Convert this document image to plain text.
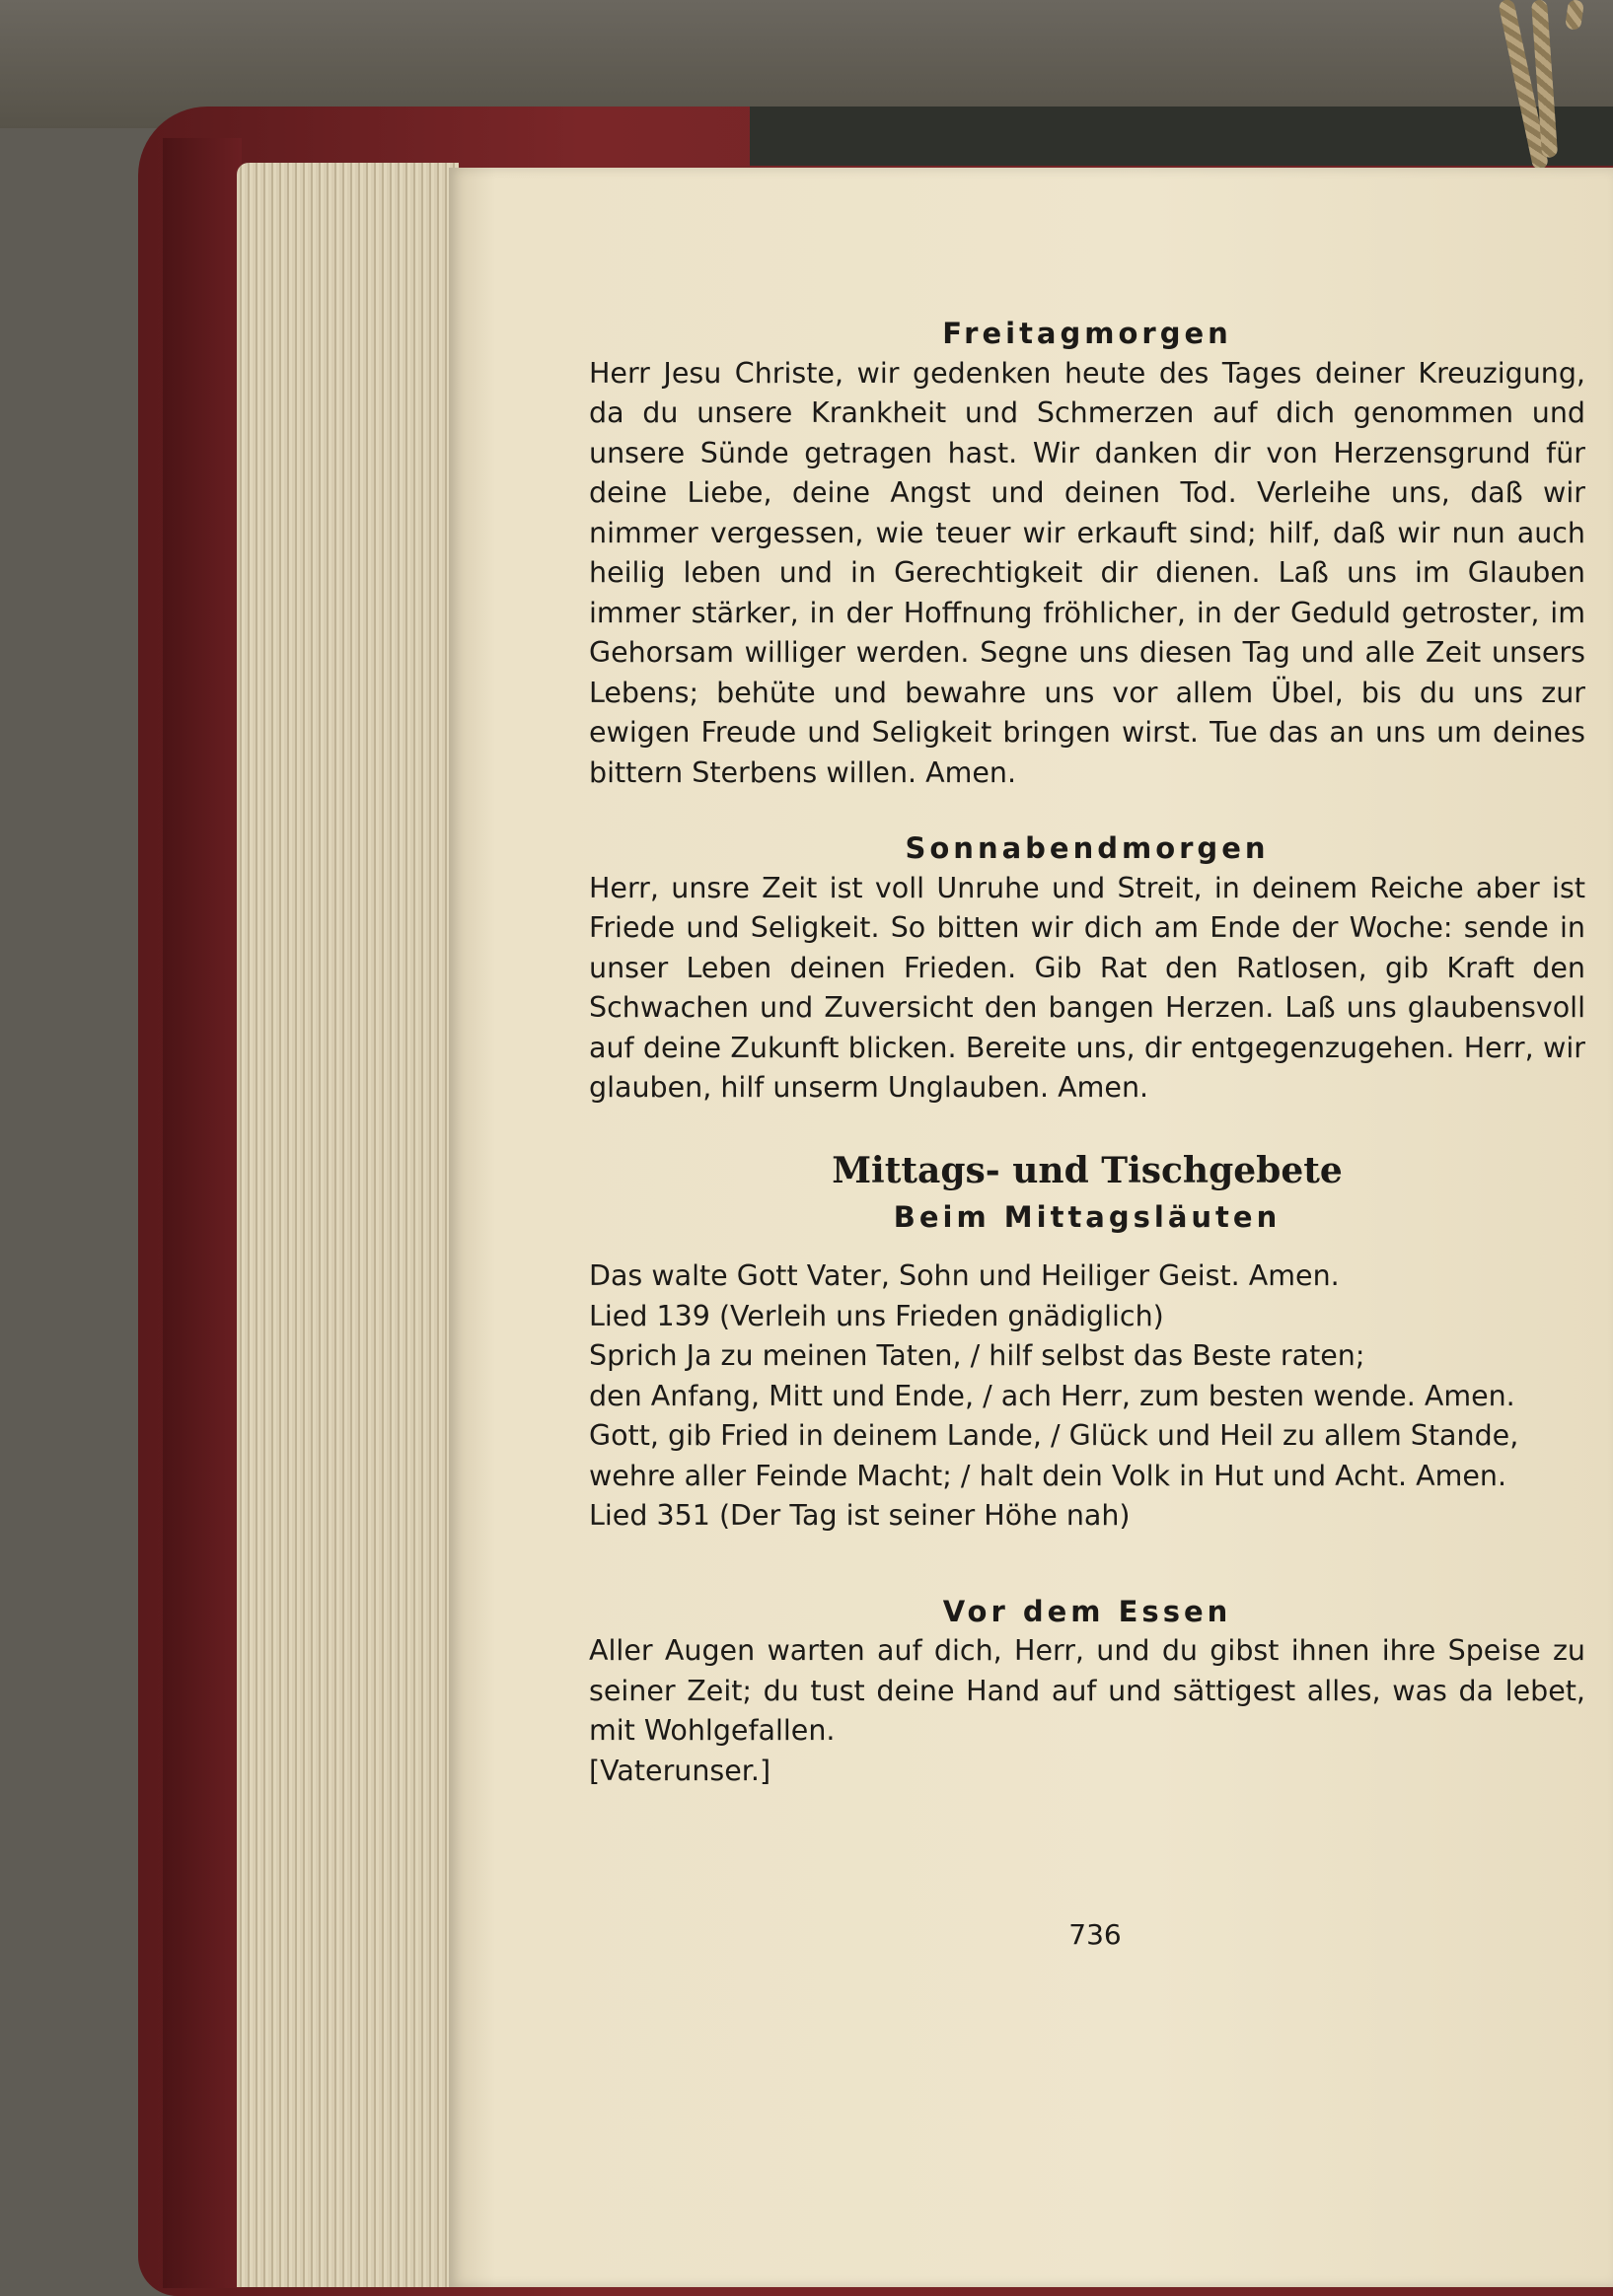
Freitagmorgen

Herr Jesu Christe, wir gedenken heute des Tages deiner Kreuzigung, da du unsere Krankheit und Schmerzen auf dich genommen und unsere Sünde getragen hast. Wir danken dir von Herzensgrund für deine Liebe, deine Angst und deinen Tod. Verleihe uns, daß wir nimmer vergessen, wie teuer wir erkauft sind; hilf, daß wir nun auch heilig leben und in Gerechtigkeit dir dienen. Laß uns im Glauben immer stärker, in der Hoffnung fröhlicher, in der Geduld getroster, im Gehorsam williger werden. Segne uns diesen Tag und alle Zeit unsers Lebens; behüte und bewahre uns vor allem Übel, bis du uns zur ewigen Freude und Seligkeit bringen wirst. Tue das an uns um deines bittern Sterbens willen. Amen.

Sonnabendmorgen

Herr, unsre Zeit ist voll Unruhe und Streit, in deinem Reiche aber ist Friede und Seligkeit. So bitten wir dich am Ende der Woche: sende in unser Leben deinen Frieden. Gib Rat den Ratlosen, gib Kraft den Schwachen und Zuversicht den bangen Herzen. Laß uns glaubensvoll auf deine Zukunft blicken. Bereite uns, dir entgegenzugehen. Herr, wir glauben, hilf unserm Unglauben. Amen.

Mittags- und Tischgebete

Beim Mittagsläuten

Das walte Gott Vater, Sohn und Heiliger Geist. Amen.

Lied 139 (Verleih uns Frieden gnädiglich)

Sprich Ja zu meinen Taten, / hilf selbst das Beste raten;

den Anfang, Mitt und Ende, / ach Herr, zum besten wende. Amen.

Gott, gib Fried in deinem Lande, / Glück und Heil zu allem Stande,

wehre aller Feinde Macht; / halt dein Volk in Hut und Acht. Amen.

Lied 351 (Der Tag ist seiner Höhe nah)

Vor dem Essen

Aller Augen warten auf dich, Herr, und du gibst ihnen ihre Speise zu seiner Zeit; du tust deine Hand auf und sättigest alles, was da lebet, mit Wohlgefallen.

[Vaterunser.]

736
